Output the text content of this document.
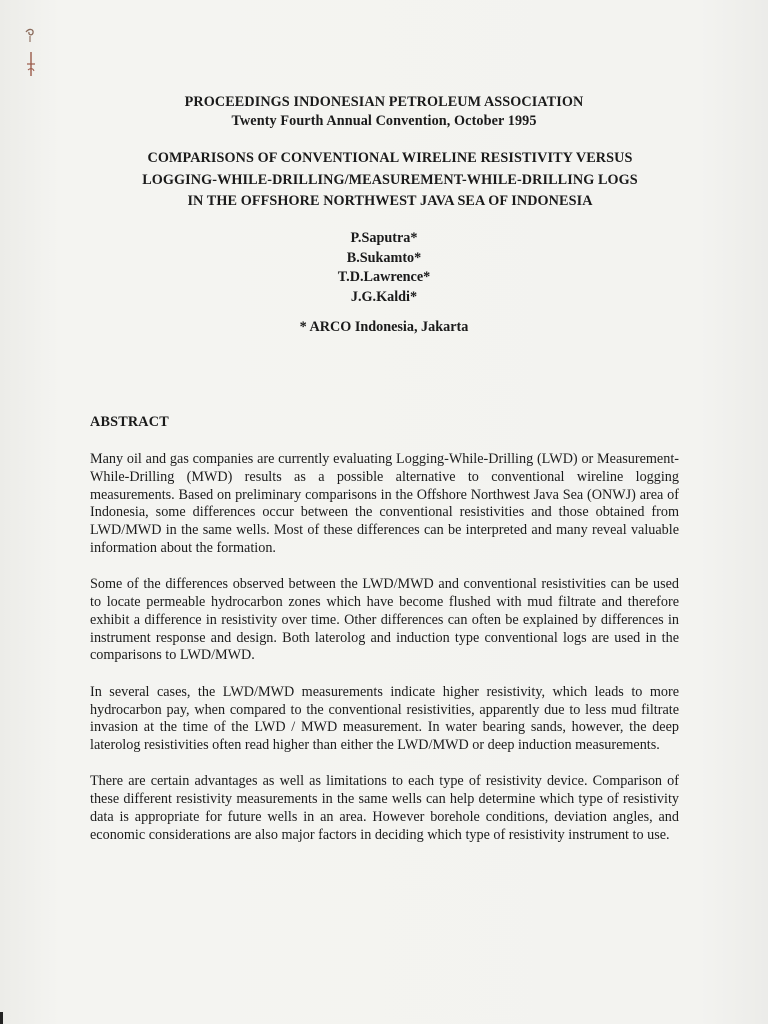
PROCEEDINGS INDONESIAN PETROLEUM ASSOCIATION
Twenty Fourth Annual Convention, October 1995
COMPARISONS OF CONVENTIONAL WIRELINE RESISTIVITY VERSUS
LOGGING-WHILE-DRILLING/MEASUREMENT-WHILE-DRILLING LOGS
IN THE OFFSHORE NORTHWEST JAVA SEA OF INDONESIA
P.Saputra*
B.Sukamto*
T.D.Lawrence*
J.G.Kaldi*
* ARCO Indonesia, Jakarta
ABSTRACT

Many oil and gas companies are currently evaluating Logging-While-Drilling (LWD) or Measurement-While-Drilling (MWD) results as a possible alternative to conventional wireline logging measurements. Based on preliminary comparisons in the Offshore Northwest Java Sea (ONWJ) area of Indonesia, some differences occur between the conventional resistivities and those obtained from LWD/MWD in the same wells. Most of these differences can be interpreted and many reveal valuable information about the formation.

Some of the differences observed between the LWD/MWD and conventional resistivities can be used to locate permeable hydrocarbon zones which have become flushed with mud filtrate and therefore exhibit a difference in resistivity over time. Other differences can often be explained by differences in instrument response and design. Both laterolog and induction type conventional logs are used in the comparisons to LWD/MWD.

In several cases, the LWD/MWD measurements indicate higher resistivity, which leads to more hydrocarbon pay, when compared to the conventional resistivities, apparently due to less mud filtrate invasion at the time of the LWD / MWD measurement. In water bearing sands, however, the deep laterolog resistivities often read higher than either the LWD/MWD or deep induction measurements.

There are certain advantages as well as limitations to each type of resistivity device. Comparison of these different resistivity measurements in the same wells can help determine which type of resistivity data is appropriate for future wells in an area. However borehole conditions, deviation angles, and economic considerations are also major factors in deciding which type of resistivity instrument to use.
